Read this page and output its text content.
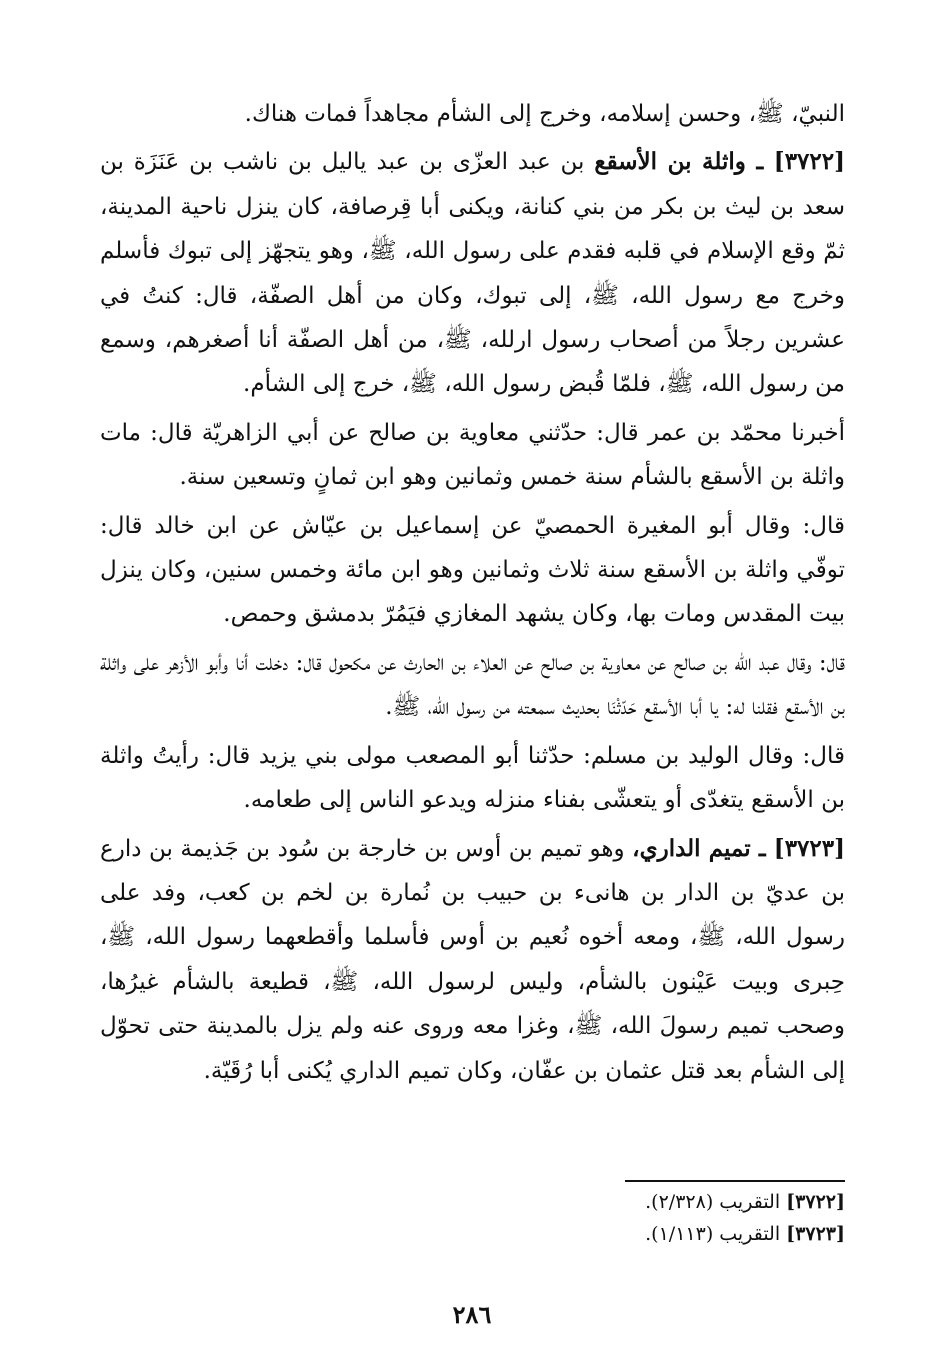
النبيّ، ﷺ، وحسن إسلامه، وخرج إلى الشأم مجاهداً فمات هناك.

[٣٧٢٢] ـ واثلة بن الأسقع بن عبد العزّى بن عبد ياليل بن ناشب بن عَنَزَة بن سعد بن ليث بن بكر من بني كنانة، ويكنى أبا قِرصافة، كان ينزل ناحية المدينة، ثمّ وقع الإسلام في قلبه فقدم على رسول الله، ﷺ، وهو يتجهّز إلى تبوك فأسلم وخرج مع رسول الله، ﷺ، إلى تبوك، وكان من أهل الصفّة، قال: كنتُ في عشرين رجلاً من أصحاب رسول ارلله، ﷺ، من أهل الصفّة أنا أصغرهم، وسمع من رسول الله، ﷺ، فلمّا قُبض رسول الله، ﷺ، خرج إلى الشأم.

أخبرنا محمّد بن عمر قال: حدّثني معاوية بن صالح عن أبي الزاهريّة قال: مات واثلة بن الأسقع بالشأم سنة خمس وثمانين وهو ابن ثمانٍ وتسعين سنة.

قال: وقال أبو المغيرة الحمصيّ عن إسماعيل بن عيّاش عن ابن خالد قال: توفّي واثلة بن الأسقع سنة ثلاث وثمانين وهو ابن مائة وخمس سنين، وكان ينزل بيت المقدس ومات بها، وكان يشهد المغازي فيَمُرّ بدمشق وحمص.

قال: وقال عبد الله بن صالح عن معاوية بن صالح عن العلاء بن الحارث عن مكحول قال: دخلت أنا وأبو الأزهر على واثلة بن الأسقع فقلنا له: يا أبا الأسقع حَدّثْنَا بحديث سمعته من رسول الله، ﷺ.

قال: وقال الوليد بن مسلم: حدّثنا أبو المصعب مولى بني يزيد قال: رأيتُ واثلة بن الأسقع يتغدّى أو يتعشّى بفناء منزله ويدعو الناس إلى طعامه.

[٣٧٢٣] ـ تميم الداري، وهو تميم بن أوس بن خارجة بن سُود بن جَذيمة بن دارع بن عديّ بن الدار بن هانىء بن حبيب بن نُمارة بن لخم بن كعب، وفد على رسول الله، ﷺ، ومعه أخوه نُعيم بن أوس فأسلما وأقطعهما رسول الله، ﷺ، حِبرى وبيت عَيْنون بالشأم، وليس لرسول الله، ﷺ، قطيعة بالشأم غيرُها، وصحب تميم رسولَ الله، ﷺ، وغزا معه وروى عنه ولم يزل بالمدينة حتى تحوّل إلى الشأم بعد قتل عثمان بن عفّان، وكان تميم الداري يُكنى أبا رُقَيّة.

[٣٧٢٢] التقريب (٢/٣٢٨).

[٣٧٢٣] التقريب (١/١١٣).

٢٨٦
